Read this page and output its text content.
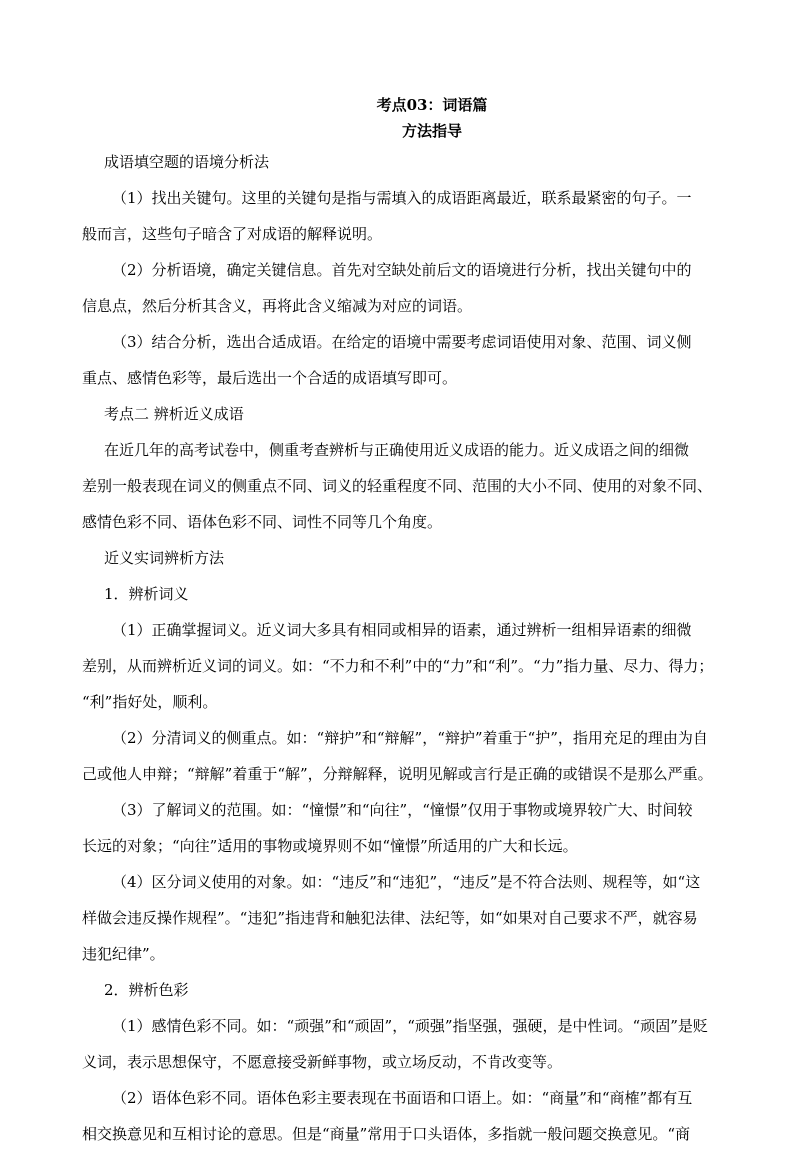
考点03：词语篇
方法指导
成语填空题的语境分析法
（1）找出关键句。这里的关键句是指与需填入的成语距离最近，联系最紧密的句子。一
般而言，这些句子暗含了对成语的解释说明。
（2）分析语境，确定关键信息。首先对空缺处前后文的语境进行分析，找出关键句中的
信息点，然后分析其含义，再将此含义缩减为对应的词语。
（3）结合分析，选出合适成语。在给定的语境中需要考虑词语使用对象、范围、词义侧
重点、感情色彩等，最后选出一个合适的成语填写即可。
考点二 辨析近义成语
在近几年的高考试卷中，侧重考查辨析与正确使用近义成语的能力。近义成语之间的细微
差别一般表现在词义的侧重点不同、词义的轻重程度不同、范围的大小不同、使用的对象不同、
感情色彩不同、语体色彩不同、词性不同等几个角度。
近义实词辨析方法
1．辨析词义
（1）正确掌握词义。近义词大多具有相同或相异的语素，通过辨析一组相异语素的细微
差别，从而辨析近义词的词义。如：“不力和不利”中的“力”和“利”。“力”指力量、尽力、得力；
“利”指好处，顺利。
（2）分清词义的侧重点。如：“辩护”和“辩解”，“辩护”着重于“护”，指用充足的理由为自
己或他人申辩；“辩解”着重于“解”，分辩解释，说明见解或言行是正确的或错误不是那么严重。
（3）了解词义的范围。如：“憧憬”和“向往”，“憧憬”仅用于事物或境界较广大、时间较
长远的对象；“向往”适用的事物或境界则不如“憧憬”所适用的广大和长远。
（4）区分词义使用的对象。如：“违反”和“违犯”，“违反”是不符合法则、规程等，如“这
样做会违反操作规程”。“违犯”指违背和触犯法律、法纪等，如“如果对自己要求不严，就容易
违犯纪律”。
2．辨析色彩
（1）感情色彩不同。如：“顽强”和“顽固”，“顽强”指坚强，强硬，是中性词。“顽固”是贬
义词，表示思想保守，不愿意接受新鲜事物，或立场反动，不肯改变等。
（2）语体色彩不同。语体色彩主要表现在书面语和口语上。如：“商量”和“商榷”都有互
相交换意见和互相讨论的意思。但是“商量”常用于口头语体，多指就一般问题交换意见。“商
